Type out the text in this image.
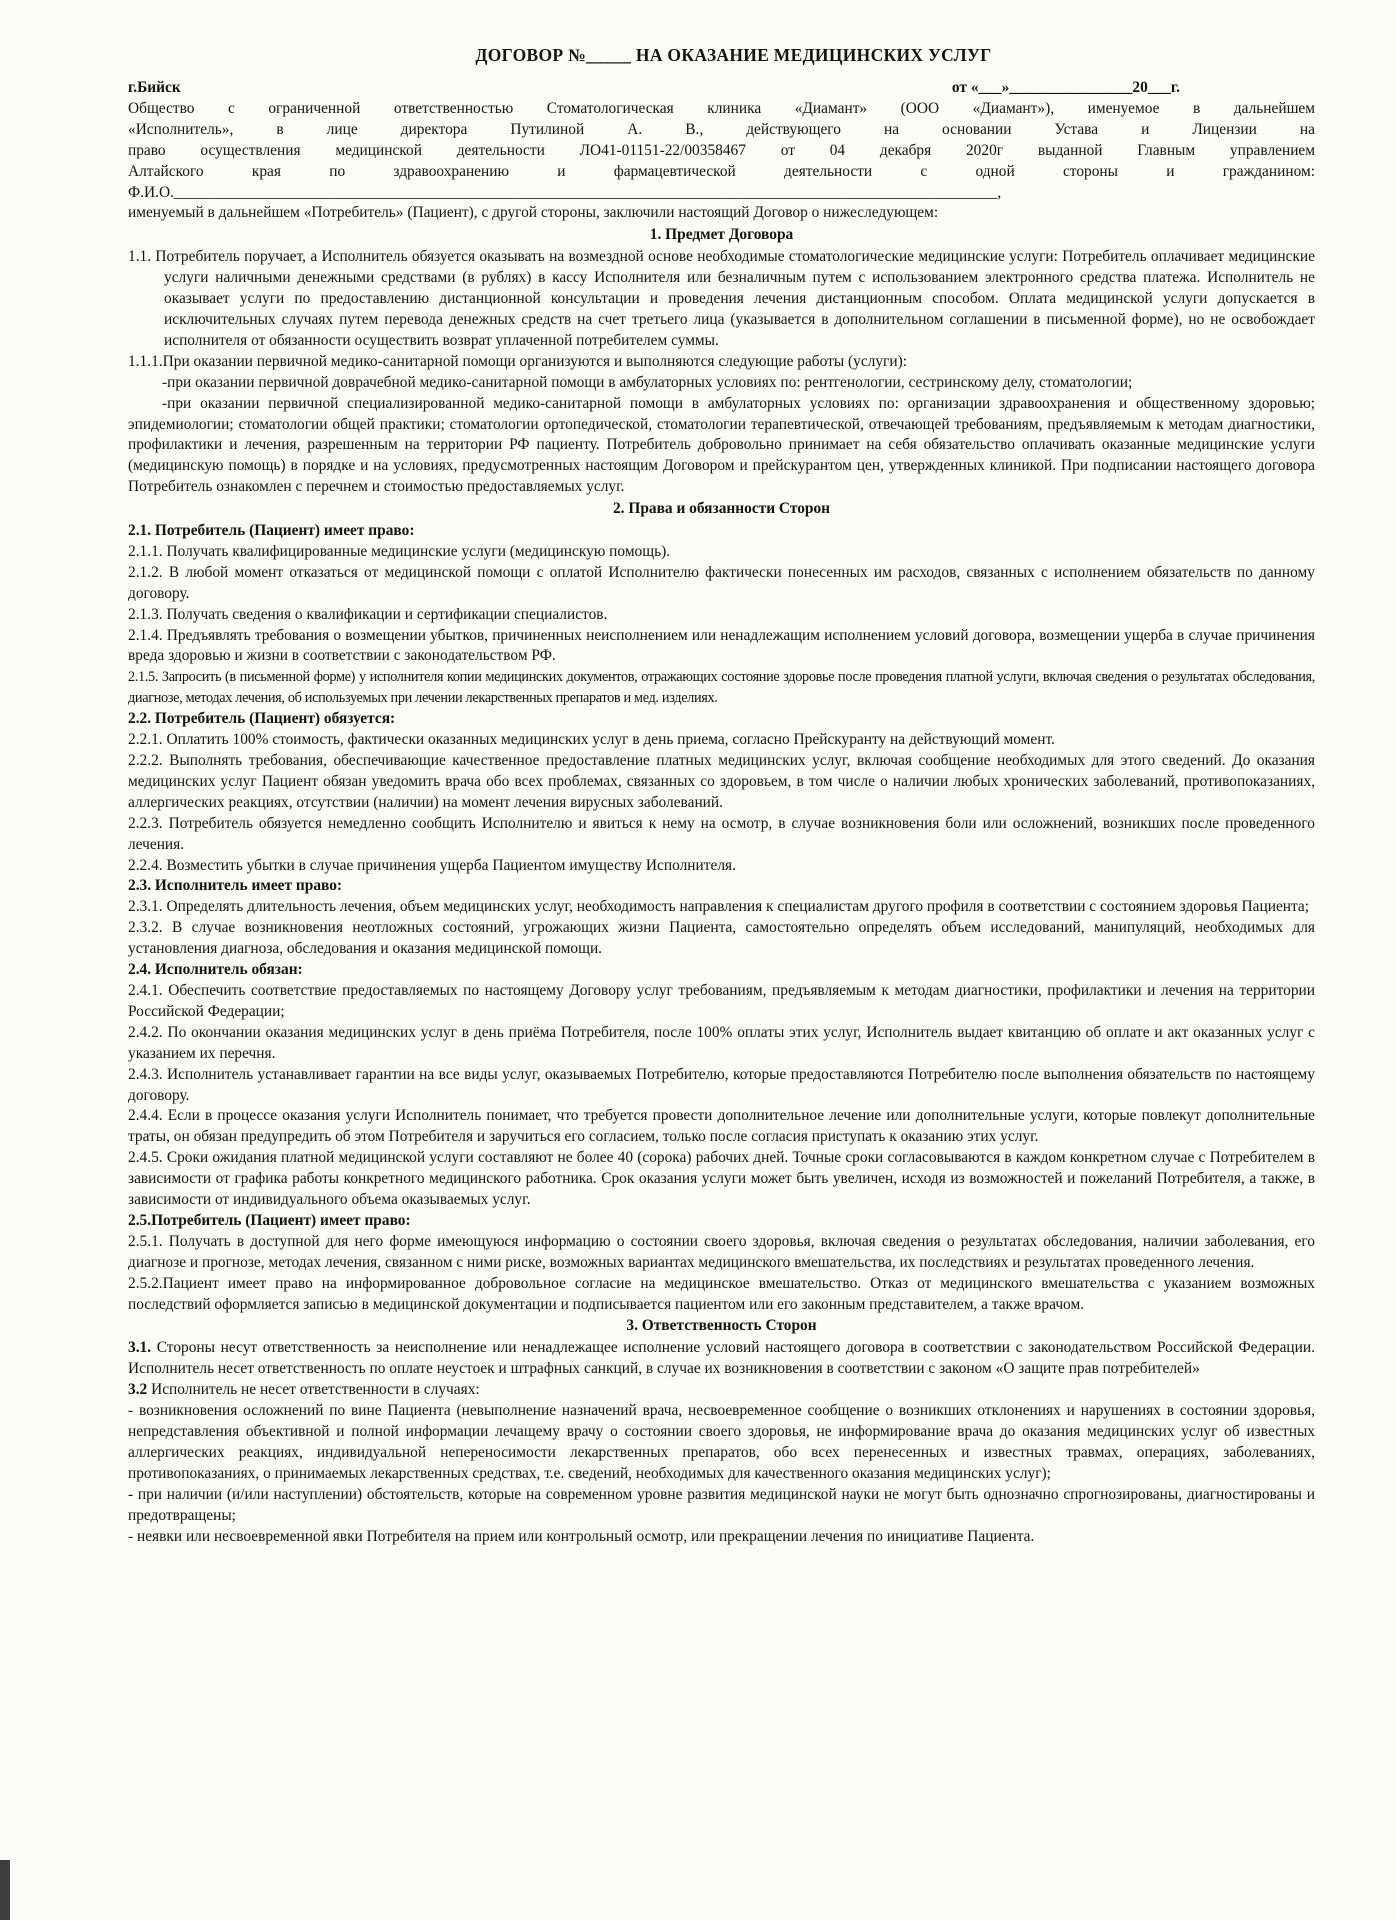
ДОГОВОР №_____ НА ОКАЗАНИЕ МЕДИЦИНСКИХ УСЛУГ
г.Бийск	от «___»________________20___г.

Общество с ограниченной ответственностью Стоматологическая клиника «Диамант» (ООО «Диамант»), именуемое в дальнейшем

«Исполнитель», в лице директора Путилиной А. В., действующего на основании Устава и Лицензии на

право осуществления медицинской деятельности ЛО41-01151-22/00358467 от 04 декабря 2020г выданной Главным управлением

Алтайского края по здравоохранению и фармацевтической деятельности с одной стороны и гражданином:

Ф.И.О.___________________________________________________________________________________________________________,

именуемый в дальнейшем «Потребитель» (Пациент), с другой стороны, заключили настоящий Договор о нижеследующем:

1. Предмет Договора

1.1. Потребитель поручает, а Исполнитель обязуется оказывать на возмездной основе необходимые стоматологические медицинские услуги: Потребитель оплачивает медицинские услуги наличными денежными средствами (в рублях) в кассу Исполнителя или безналичным путем с использованием электронного средства платежа. Исполнитель не оказывает услуги по предоставлению дистанционной консультации и проведения лечения дистанционным способом. Оплата медицинской услуги допускается в исключительных случаях путем перевода денежных средств на счет третьего лица (указывается в дополнительном соглашении в письменной форме), но не освобождает исполнителя от обязанности осуществить возврат уплаченной потребителем суммы.

1.1.1.При оказании первичной медико-санитарной помощи организуются и выполняются следующие работы (услуги):

-при оказании первичной доврачебной медико-санитарной помощи в амбулаторных условиях по: рентгенологии, сестринскому делу, стоматологии;

-при оказании первичной специализированной медико-санитарной помощи в амбулаторных условиях по: организации здравоохранения и общественному здоровью; эпидемиологии; стоматологии общей практики; стоматологии ортопедической, стоматологии терапевтической, отвечающей требованиям, предъявляемым к методам диагностики, профилактики и лечения, разрешенным на территории РФ пациенту. Потребитель добровольно принимает на себя обязательство оплачивать оказанные медицинские услуги (медицинскую помощь) в порядке и на условиях, предусмотренных настоящим Договором и прейскурантом цен, утвержденных клиникой. При подписании настоящего договора Потребитель ознакомлен с перечнем и стоимостью предоставляемых услуг.

2. Права и обязанности Сторон
2.1. Потребитель (Пациент) имеет право:

2.1.1. Получать квалифицированные медицинские услуги (медицинскую помощь).

2.1.2. В любой момент отказаться от медицинской помощи с оплатой Исполнителю фактически понесенных им расходов, связанных с исполнением обязательств по данному договору.

2.1.3. Получать сведения о квалификации и сертификации специалистов.

2.1.4. Предъявлять требования о возмещении убытков, причиненных неисполнением или ненадлежащим исполнением условий договора, возмещении ущерба в случае причинения вреда здоровью и жизни в соответствии с законодательством РФ.

2.1.5. Запросить (в письменной форме) у исполнителя копии медицинских документов, отражающих состояние здоровье после проведения платной услуги, включая сведения о результатах обследования, диагнозе, методах лечения, об используемых при лечении лекарственных препаратов и мед. изделиях.

2.2. Потребитель (Пациент) обязуется:

2.2.1. Оплатить 100% стоимость, фактически оказанных медицинских услуг в день приема, согласно Прейскуранту на действующий момент.

2.2.2. Выполнять требования, обеспечивающие качественное предоставление платных медицинских услуг, включая сообщение необходимых для этого сведений. До оказания медицинских услуг Пациент обязан уведомить врача обо всех проблемах, связанных со здоровьем, в том числе о наличии любых хронических заболеваний, противопоказаниях, аллергических реакциях, отсутствии (наличии) на момент лечения вирусных заболеваний.

2.2.3. Потребитель обязуется немедленно сообщить Исполнителю и явиться к нему на осмотр, в случае возникновения боли или осложнений, возникших после проведенного лечения.

2.2.4. Возместить убытки в случае причинения ущерба Пациентом имуществу Исполнителя.

2.3. Исполнитель имеет право:

2.3.1. Определять длительность лечения, объем медицинских услуг, необходимость направления к специалистам другого профиля в соответствии с состоянием здоровья Пациента;

2.3.2. В случае возникновения неотложных состояний, угрожающих жизни Пациента, самостоятельно определять объем исследований, манипуляций, необходимых для установления диагноза, обследования и оказания медицинской помощи.

2.4. Исполнитель обязан:

2.4.1. Обеспечить соответствие предоставляемых по настоящему Договору услуг требованиям, предъявляемым к методам диагностики, профилактики и лечения на территории Российской Федерации;

2.4.2. По окончании оказания медицинских услуг в день приёма Потребителя, после 100% оплаты этих услуг, Исполнитель выдает квитанцию об оплате и акт оказанных услуг с указанием их перечня.

2.4.3. Исполнитель устанавливает гарантии на все виды услуг, оказываемых Потребителю, которые предоставляются Потребителю после выполнения обязательств по настоящему договору.

2.4.4. Если в процессе оказания услуги Исполнитель понимает, что требуется провести дополнительное лечение или дополнительные услуги, которые повлекут дополнительные траты, он обязан предупредить об этом Потребителя и заручиться его согласием, только после согласия приступать к оказанию этих услуг.

2.4.5. Сроки ожидания платной медицинской услуги составляют не более 40 (сорока) рабочих дней. Точные сроки согласовываются в каждом конкретном случае с Потребителем в зависимости от графика работы конкретного медицинского работника. Срок оказания услуги может быть увеличен, исходя из возможностей и пожеланий Потребителя, а также, в зависимости от индивидуального объема оказываемых услуг.

2.5.Потребитель (Пациент) имеет право:

2.5.1. Получать в доступной для него форме имеющуюся информацию о состоянии своего здоровья, включая сведения о результатах обследования, наличии заболевания, его диагнозе и прогнозе, методах лечения, связанном с ними риске, возможных вариантах медицинского вмешательства, их последствиях и результатах проведенного лечения.

2.5.2.Пациент имеет право на информированное добровольное согласие на медицинское вмешательство. Отказ от медицинского вмешательства с указанием возможных последствий оформляется записью в медицинской документации и подписывается пациентом или его законным представителем, а также врачом.

3. Ответственность Сторон

3.1. Стороны несут ответственность за неисполнение или ненадлежащее исполнение условий настоящего договора в соответствии с законодательством Российской Федерации. Исполнитель несет ответственность по оплате неустоек и штрафных санкций, в случае их возникновения в соответствии с законом «О защите прав потребителей»

3.2 Исполнитель не несет ответственности в случаях:

- возникновения осложнений по вине Пациента (невыполнение назначений врача, несвоевременное сообщение о возникших отклонениях и нарушениях в состоянии здоровья, непредставления объективной и полной информации лечащему врачу о состоянии своего здоровья, не информирование врача до оказания медицинских услуг об известных аллергических реакциях, индивидуальной непереносимости лекарственных препаратов, обо всех перенесенных и известных травмах, операциях, заболеваниях, противопоказаниях, о принимаемых лекарственных средствах, т.е. сведений, необходимых для качественного оказания медицинских услуг);

- при наличии (и/или наступлении) обстоятельств, которые на современном уровне развития медицинской науки не могут быть однозначно спрогнозированы, диагностированы и предотвращены;

- неявки или несвоевременной явки Потребителя на прием или контрольный осмотр, или прекращении лечения по инициативе Пациента.
